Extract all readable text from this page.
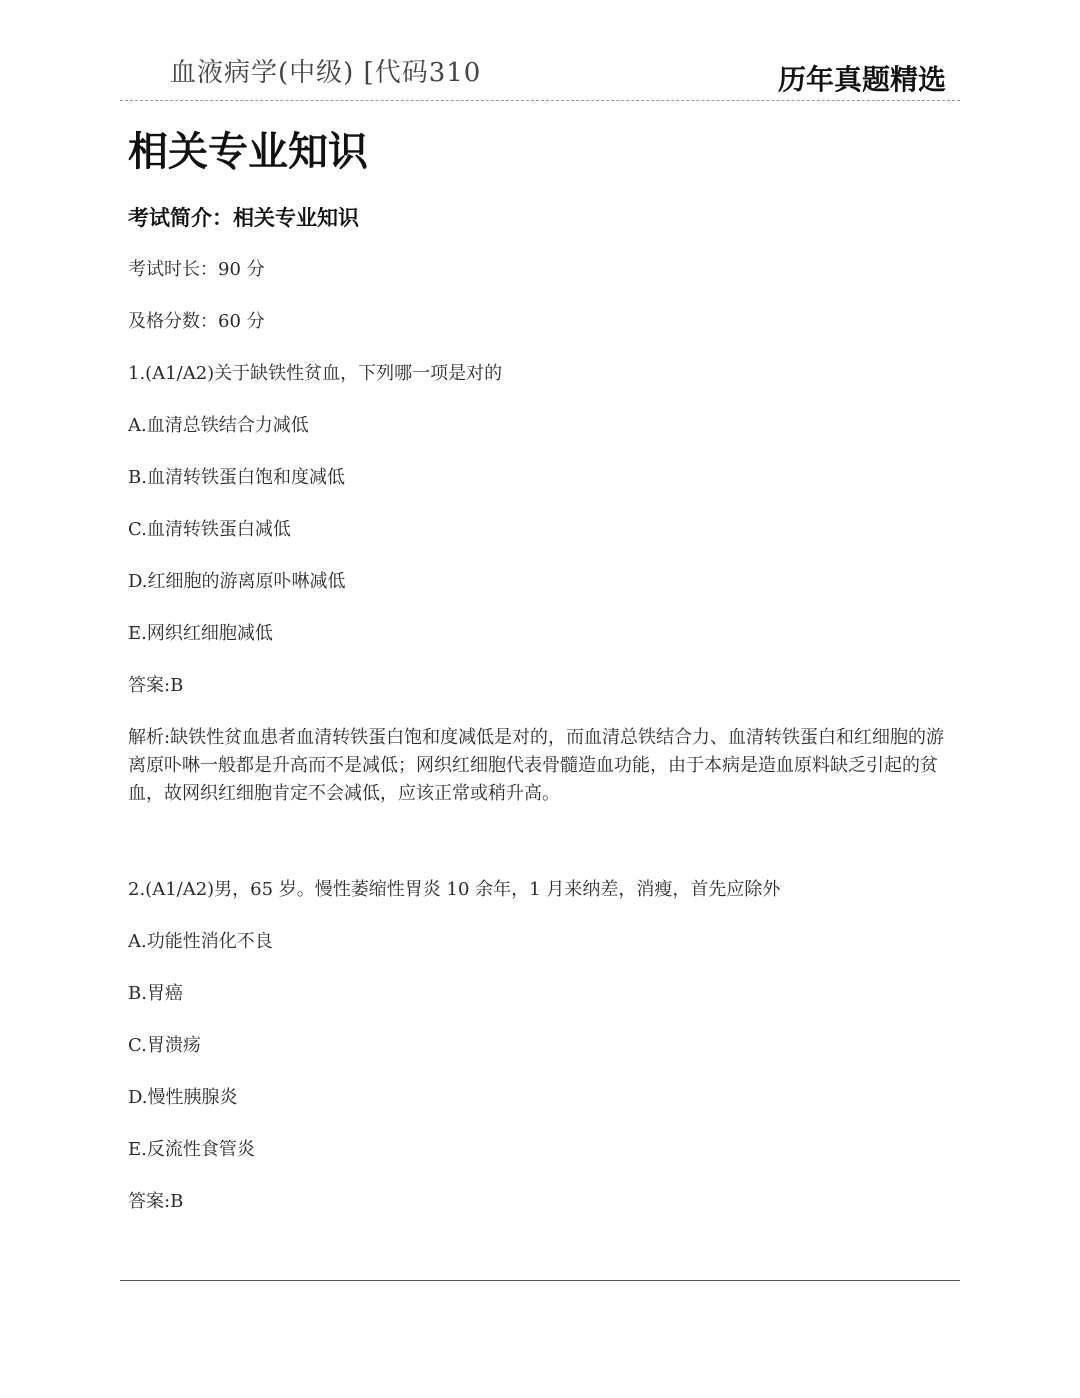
血液病学(中级) [代码310	历年真题精选
相关专业知识
考试简介：相关专业知识
考试时长：90 分
及格分数：60 分
1.(A1/A2)关于缺铁性贫血，下列哪一项是对的
A.血清总铁结合力减低
B.血清转铁蛋白饱和度减低
C.血清转铁蛋白减低
D.红细胞的游离原卟啉减低
E.网织红细胞减低
答案:B
解析:缺铁性贫血患者血清转铁蛋白饱和度减低是对的，而血清总铁结合力、血清转铁蛋白和红细胞的游离原卟啉一般都是升高而不是减低；网织红细胞代表骨髓造血功能，由于本病是造血原料缺乏引起的贫血，故网织红细胞肯定不会减低，应该正常或稍升高。
2.(A1/A2)男，65 岁。慢性萎缩性胃炎 10 余年，1 月来纳差，消瘦，首先应除外
A.功能性消化不良
B.胃癌
C.胃溃疡
D.慢性胰腺炎
E.反流性食管炎
答案:B
